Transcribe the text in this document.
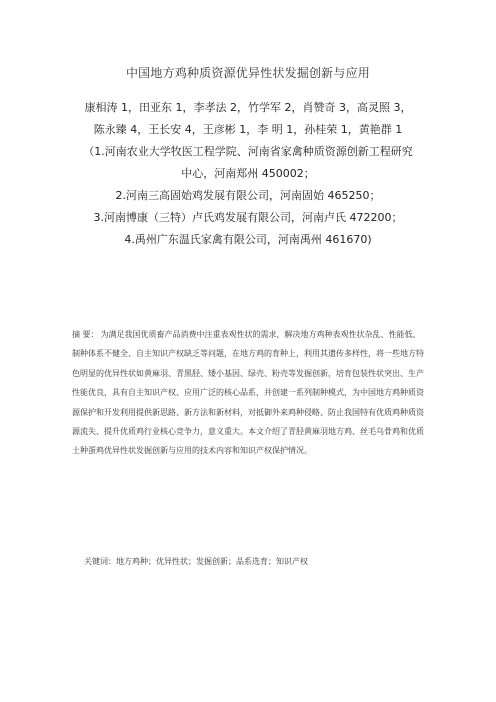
中国地方鸡种质资源优异性状发掘创新与应用
康相涛 1，田亚东 1，李孝法 2，竹学军 2，肖赞奇 3，高灵照 3，
陈永臻 4，王长安 4，王彦彬 1，李 明 1，孙桂荣 1，黄艳群 1
（1.河南农业大学牧医工程学院、河南省家禽种质资源创新工程研究
中心，河南郑州 450002；
2.河南三高固始鸡发展有限公司，河南固始 465250；
3.河南博康（三特）卢氏鸡发展有限公司，河南卢氏 472200；
4.禹州广东温氏家禽有限公司，河南禹州 461670)
摘 要： 为满足我国优质畜产品消费中注重表观性状的需求，解决地方鸡种表观性状杂乱、性能低、制种体系不健全、自主知识产权缺乏等问题，在地方鸡的育种上，利用其遗传多样性，将一些地方特色明显的优异性状如黄麻羽、青黑胫、矮小基因、绿壳、粉壳等发掘创新，培育包装性状突出、生产性能优良，具有自主知识产权、应用广泛的核心品系，并创建一系列制种模式，为中国地方鸡种质资源保护和开发利用提供新思路、新方法和新材料，对抵御外来鸡种侵略、防止我国特有优质鸡种质资源流失、提升优质鸡行业核心竞争力，意义重大。本文介绍了青胫黄麻羽地方鸡、丝毛乌骨鸡和优质土种蛋鸡优异性状发掘创新与应用的技术内容和知识产权保护情况。
关键词：地方鸡种；优异性状；发掘创新；品系选育；知识产权
